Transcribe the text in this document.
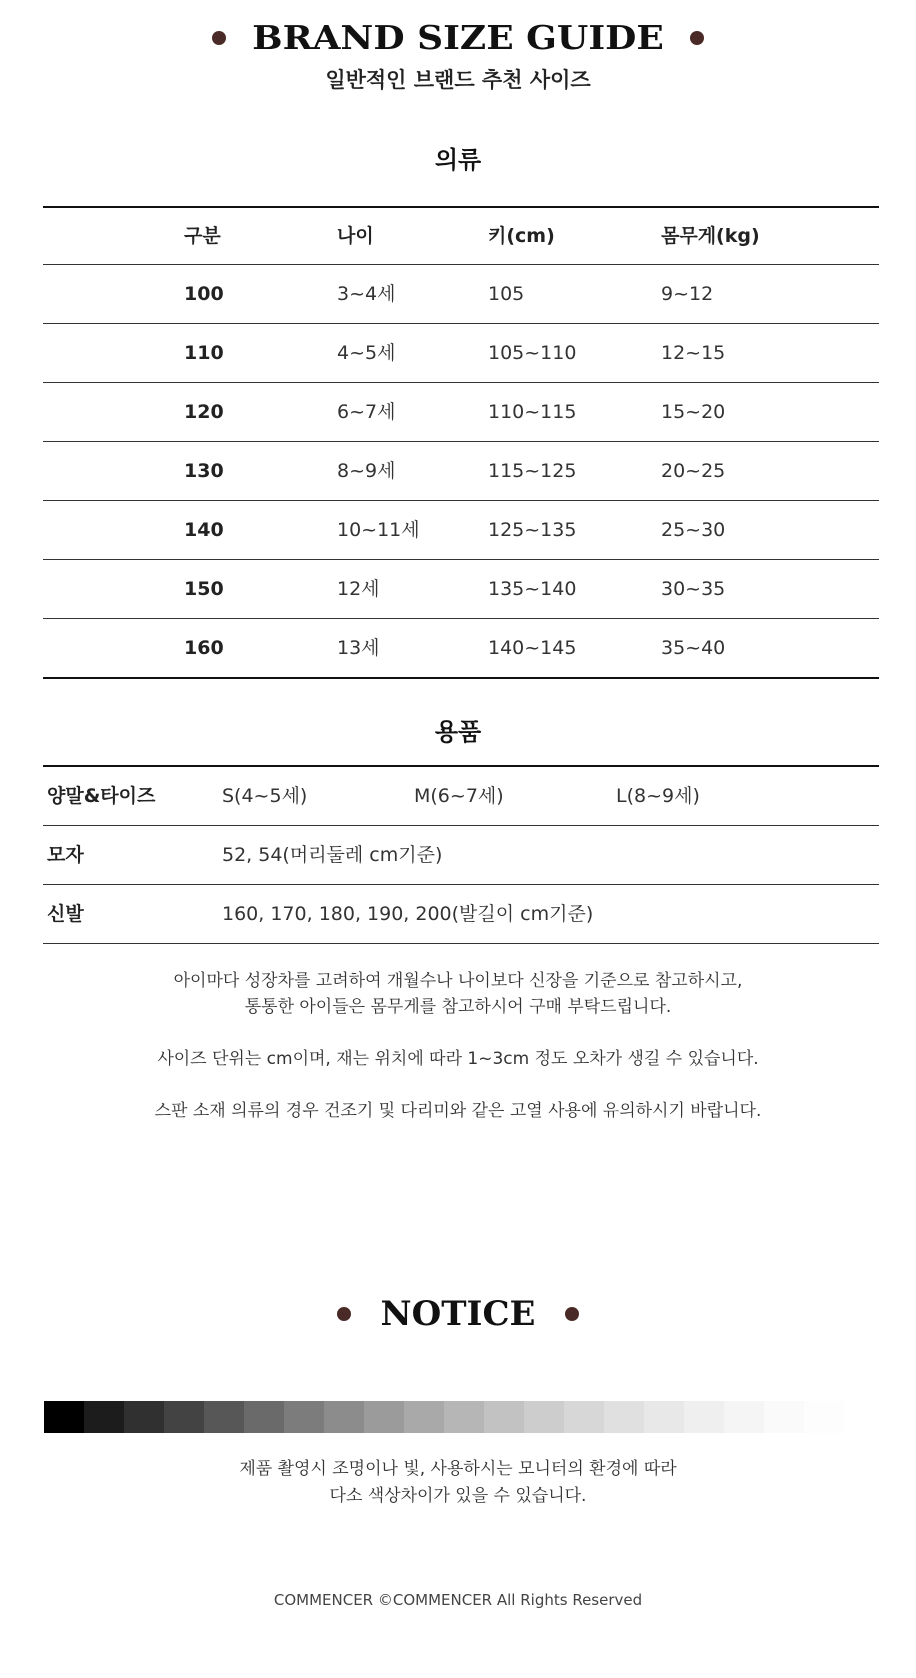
BRAND SIZE GUIDE
일반적인 브랜드 추천 사이즈
의류
구분	나이	키(cm)	몸무게(kg)
100	3~4세	105	9~12
110	4~5세	105~110	12~15
120	6~7세	110~115	15~20
130	8~9세	115~125	20~25
140	10~11세	125~135	25~30
150	12세	135~140	30~35
160	13세	140~145	35~40
용품
양말&타이즈	S(4~5세)	M(6~7세)	L(8~9세)
모자	52, 54(머리둘레 cm기준)
신발	160, 170, 180, 190, 200(발길이 cm기준)

아이마다 성장차를 고려하여 개월수나 나이보다 신장을 기준으로 참고하시고,
통통한 아이들은 몸무게를 참고하시어 구매 부탁드립니다.

사이즈 단위는 cm이며, 재는 위치에 따라 1~3cm 정도 오차가 생길 수 있습니다.

스판 소재 의류의 경우 건조기 및 다리미와 같은 고열 사용에 유의하시기 바랍니다.

NOTICE
제품 촬영시 조명이나 빛, 사용하시는 모니터의 환경에 따라
다소 색상차이가 있을 수 있습니다.
COMMENCER ©COMMENCER All Rights Reserved
